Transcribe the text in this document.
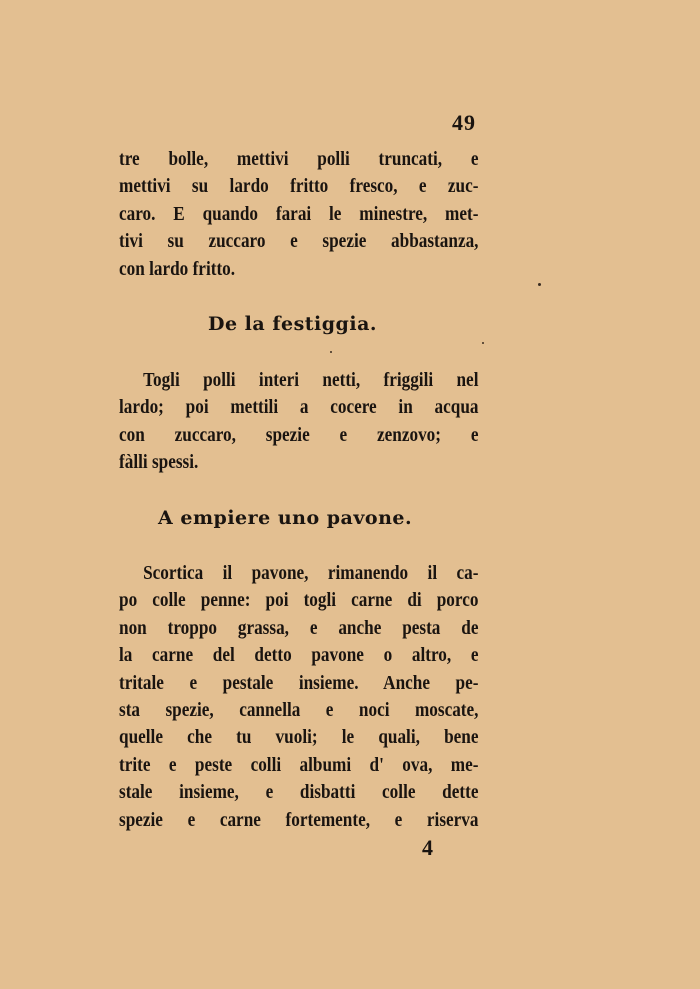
49
tre bolle, mettivi polli truncati, e
mettivi su lardo fritto fresco, e zuc-
caro. E quando farai le minestre, met-
tivi su zuccaro e spezie abbastanza,
con lardo fritto.
De la festiggia.
Togli polli interi netti, friggili nel
lardo; poi mettili a cocere in acqua
con zuccaro, spezie e zenzovo; e
fàlli spessi.
A empiere uno pavone.
Scortica il pavone, rimanendo il ca-
po colle penne: poi togli carne di porco
non troppo grassa, e anche pesta de
la carne del detto pavone o altro, e
tritale e pestale insieme. Anche pe-
sta spezie, cannella e noci moscate,
quelle che tu vuoli; le quali, bene
trite e peste colli albumi d' ova, me-
stale insieme, e disbatti colle dette
spezie e carne fortemente, e riserva
4
